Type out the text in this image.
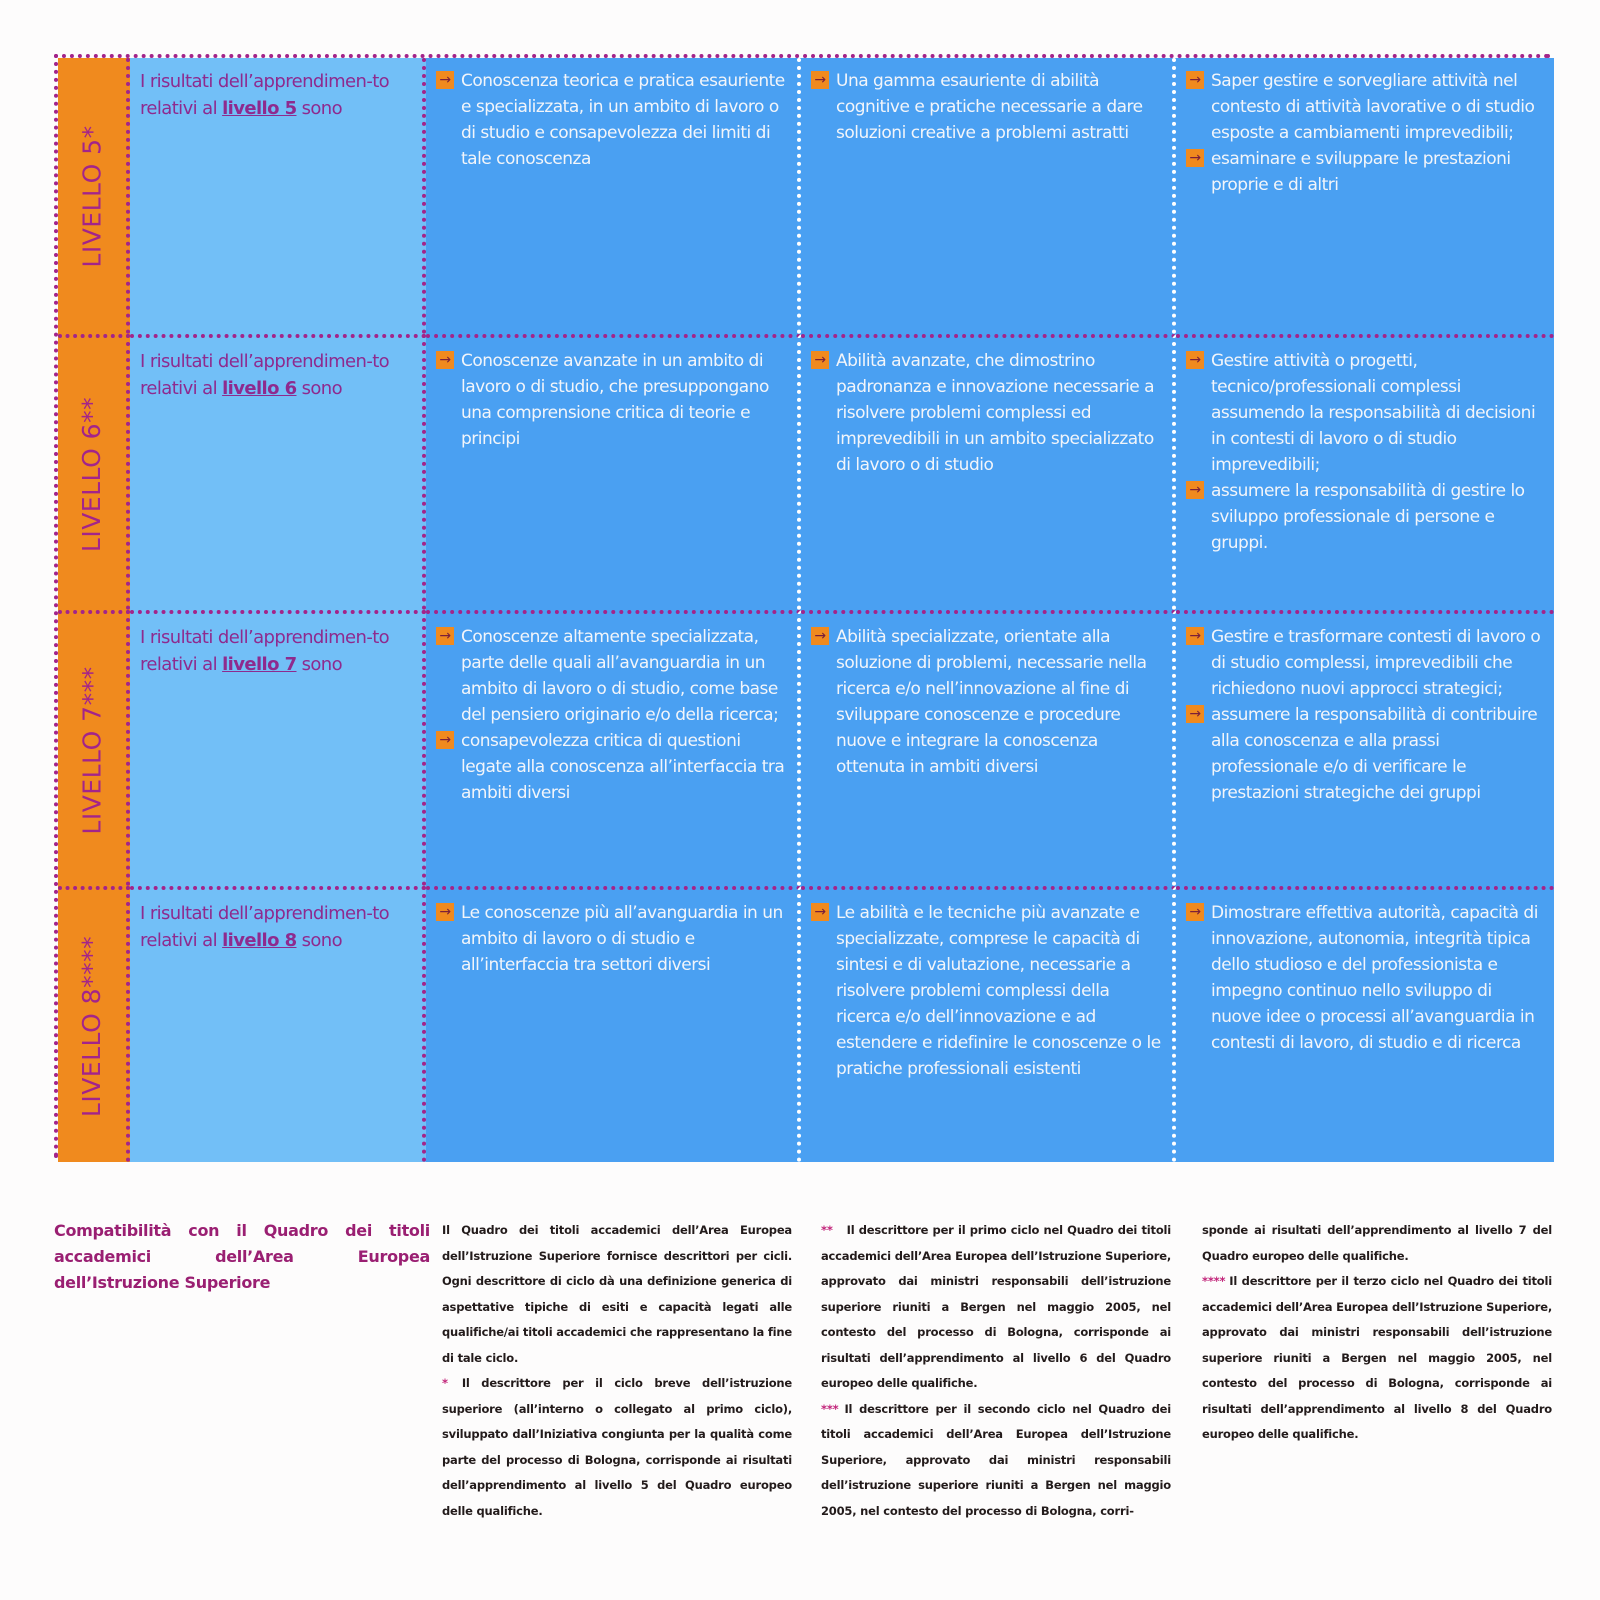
LIVELLO 5*
I risultati dell’apprendimen-to relativi al livello 5 sono
→ Conoscenza teorica e pratica esauriente e specializzata, in un ambito di lavoro o di studio e consapevolezza dei limiti di tale conoscenza
→ Una gamma esauriente di abilità cognitive e pratiche necessarie a dare soluzioni creative a problemi astratti
→ Saper gestire e sorvegliare attività nel contesto di attività lavorative o di studio esposte a cambiamenti imprevedibili;
→ esaminare e sviluppare le prestazioni proprie e di altri
LIVELLO 6**
I risultati dell’apprendimen-to relativi al livello 6 sono
→ Conoscenze avanzate in un ambito di lavoro o di studio, che presuppongano una comprensione critica di teorie e principi
→ Abilità avanzate, che dimostrino padronanza e innovazione necessarie a risolvere problemi complessi ed imprevedibili in un ambito specializzato di lavoro o di studio
→ Gestire attività o progetti, tecnico/professionali complessi assumendo la responsabilità di decisioni in contesti di lavoro o di studio imprevedibili;
→ assumere la responsabilità di gestire lo sviluppo professionale di persone e gruppi.
LIVELLO 7***
I risultati dell’apprendimen-to relativi al livello 7 sono
→ Conoscenze altamente specializzata, parte delle quali all’avanguardia in un ambito di lavoro o di studio, come base del pensiero originario e/o della ricerca;
→ consapevolezza critica di questioni legate alla conoscenza all’interfaccia tra ambiti diversi
→ Abilità specializzate, orientate alla soluzione di problemi, necessarie nella ricerca e/o nell’innovazione al fine di sviluppare conoscenze e procedure nuove e integrare la conoscenza ottenuta in ambiti diversi
→ Gestire e trasformare contesti di lavoro o di studio complessi, imprevedibili che richiedono nuovi approcci strategici;
→ assumere la responsabilità di contribuire alla conoscenza e alla prassi professionale e/o di verificare le prestazioni strategiche dei gruppi
LIVELLO 8****
I risultati dell’apprendimen-to relativi al livello 8 sono
→ Le conoscenze più all’avanguardia in un ambito di lavoro o di studio e all’interfaccia tra settori diversi
→ Le abilità e le tecniche più avanzate e specializzate, comprese le capacità di sintesi e di valutazione, necessarie a risolvere problemi complessi della ricerca e/o dell’innovazione e ad estendere e ridefinire le conoscenze o le pratiche professionali esistenti
→ Dimostrare effettiva autorità, capacità di innovazione, autonomia, integrità tipica dello studioso e del professionista e impegno continuo nello sviluppo di nuove idee o processi all’avanguardia in contesti di lavoro, di studio e di ricerca
Compatibilità con il Quadro dei titoli accademici dell’Area Europea dell’Istruzione Superiore

Il Quadro dei titoli accademici dell’Area Europea dell’Istruzione Superiore fornisce descrittori per cicli. Ogni descrittore di ciclo dà una definizione generica di aspettative tipiche di esiti e capacità legati alle qualifiche/ai titoli accademici che rappresentano la fine di tale ciclo.

* Il descrittore per il ciclo breve dell’istruzione superiore (all’interno o collegato al primo ciclo), sviluppato dall’Iniziativa congiunta per la qualità come parte del processo di Bologna, corrisponde ai risultati dell’apprendimento al livello 5 del Quadro europeo delle qualifiche.

** Il descrittore per il primo ciclo nel Quadro dei titoli accademici dell’Area Europea dell’Istruzione Superiore, approvato dai ministri responsabili dell’istruzione superiore riuniti a Bergen nel maggio 2005, nel contesto del processo di Bologna, corrisponde ai risultati dell’apprendimento al livello 6 del Quadro europeo delle qualifiche.

*** Il descrittore per il secondo ciclo nel Quadro dei titoli accademici dell’Area Europea dell’Istruzione Superiore, approvato dai ministri responsabili dell’istruzione superiore riuniti a Bergen nel maggio 2005, nel contesto del processo di Bologna, corri-

sponde ai risultati dell’apprendimento al livello 7 del Quadro europeo delle qualifiche.

**** Il descrittore per il terzo ciclo nel Quadro dei titoli accademici dell’Area Europea dell’Istruzione Superiore, approvato dai ministri responsabili dell’istruzione superiore riuniti a Bergen nel maggio 2005, nel contesto del processo di Bologna, corrisponde ai risultati dell’apprendimento al livello 8 del Quadro europeo delle qualifiche.
